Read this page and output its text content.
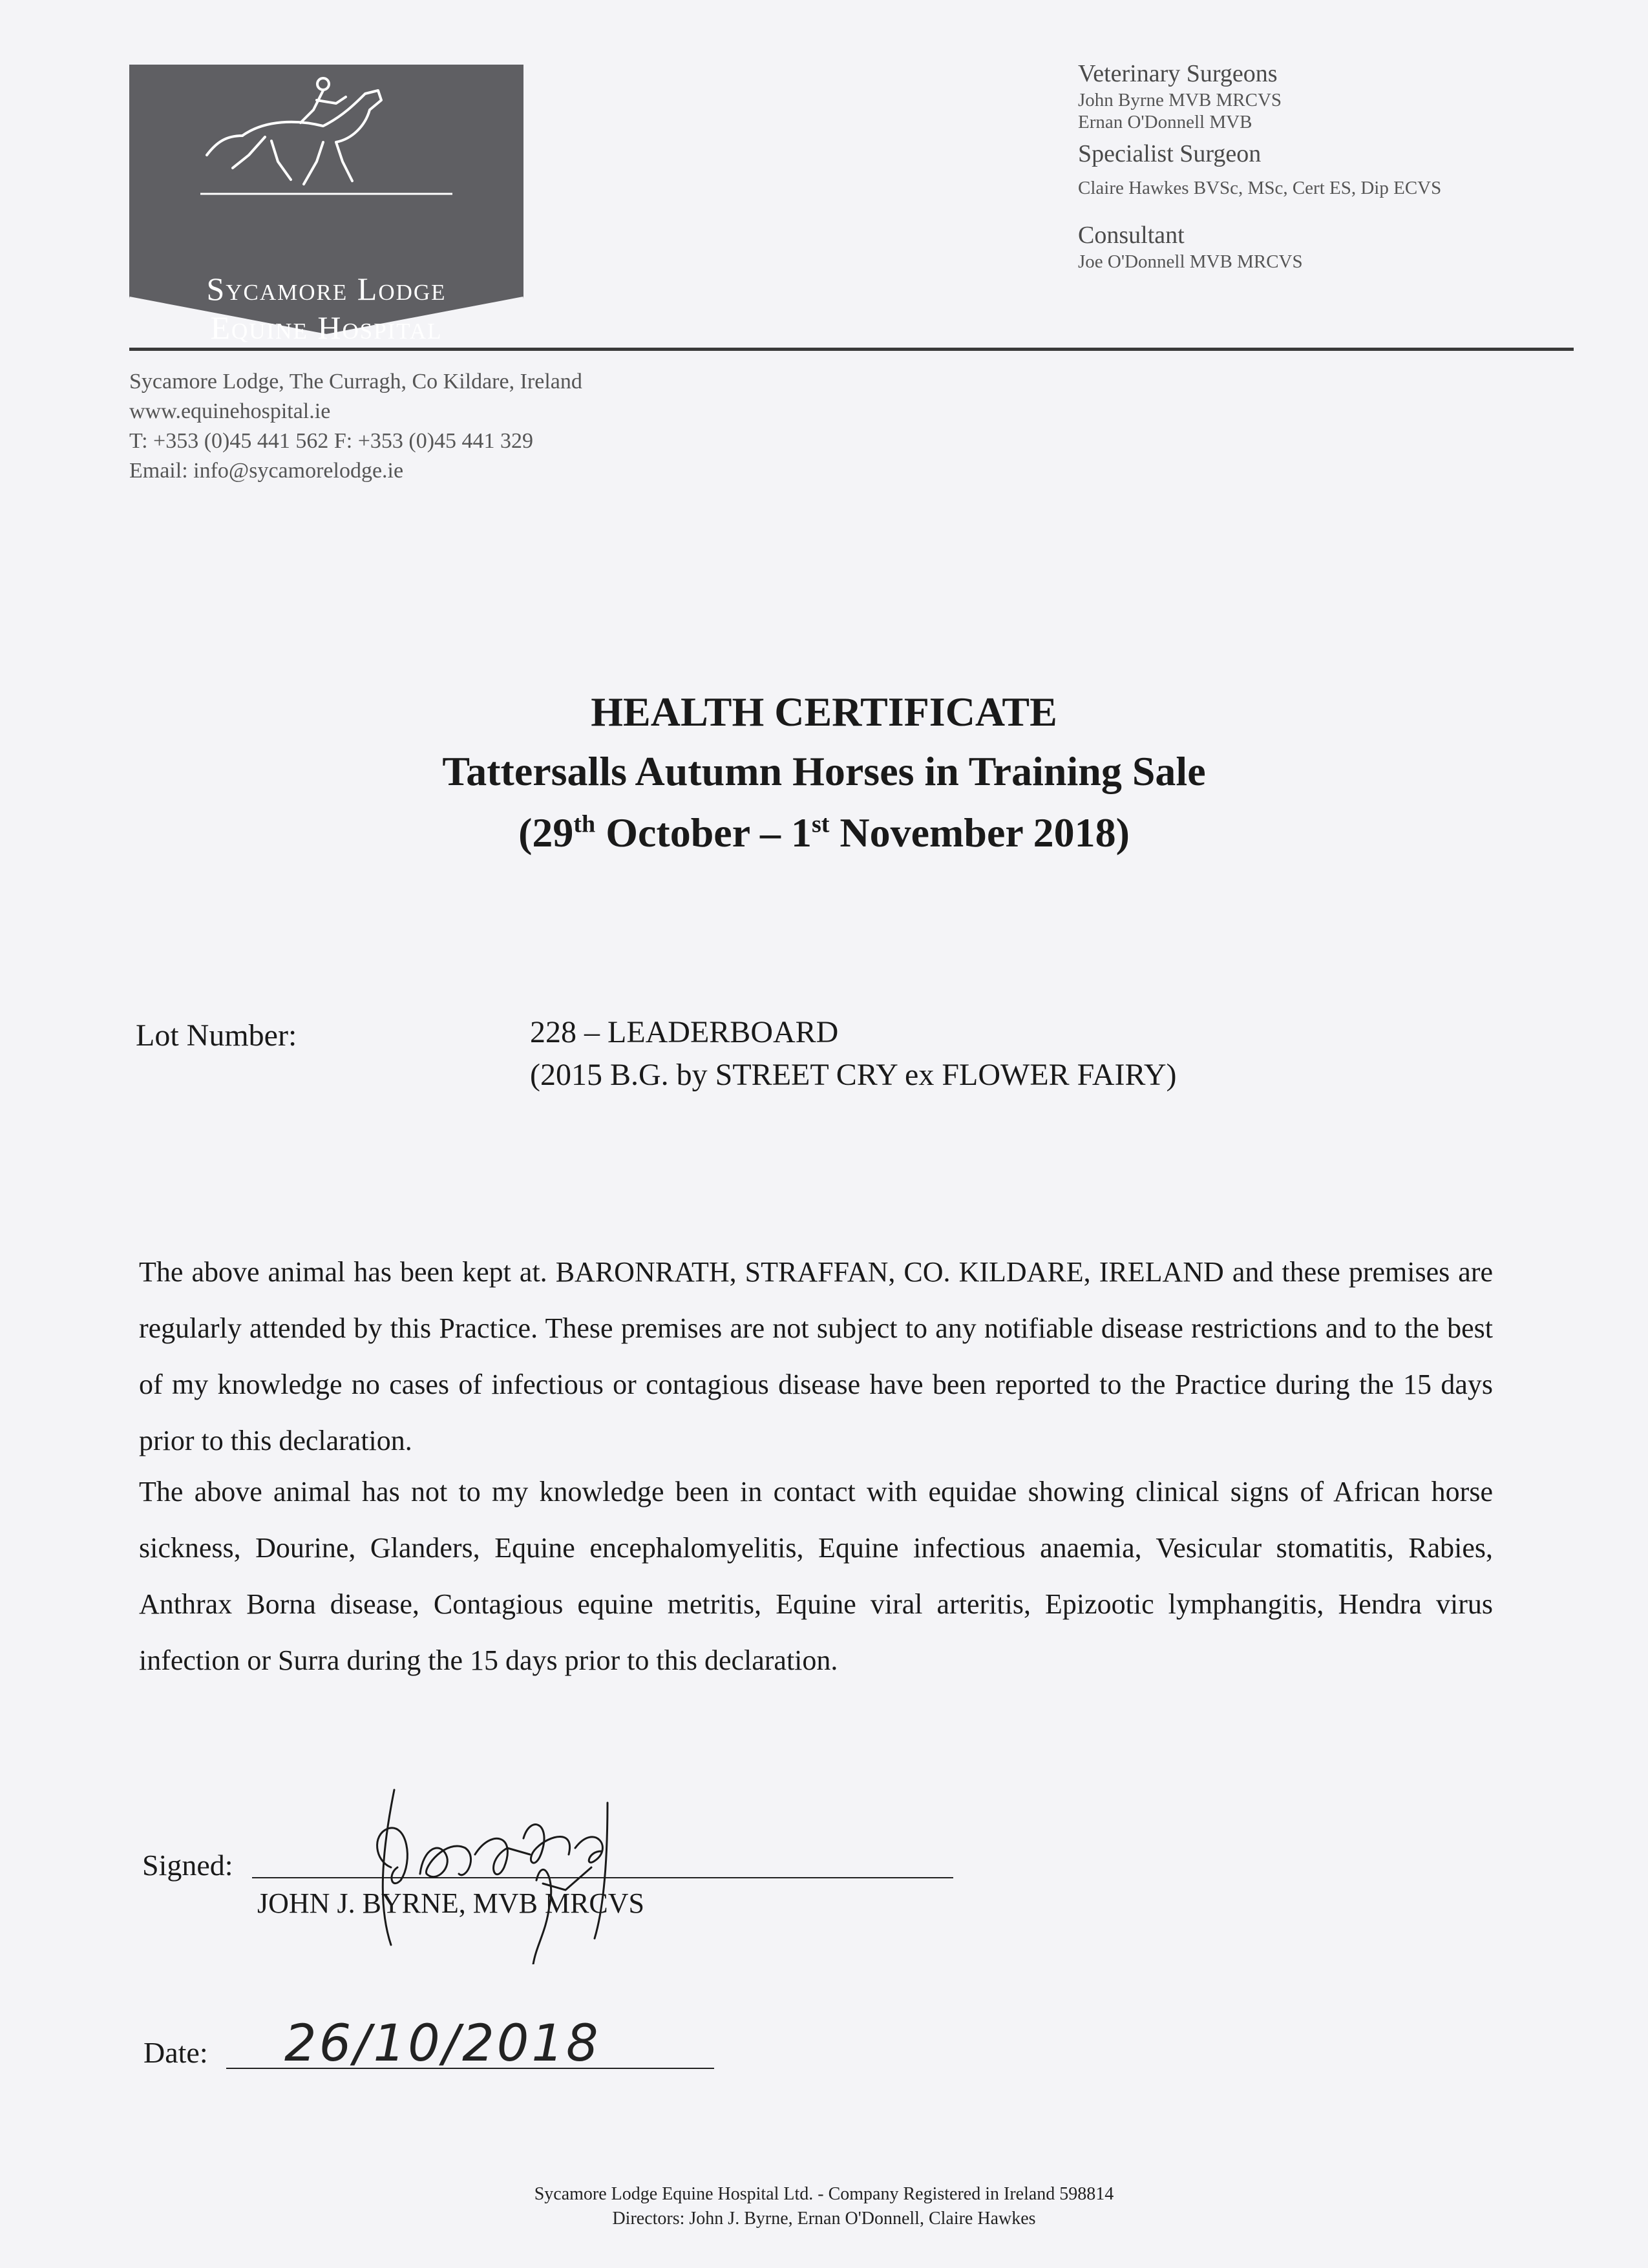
Sycamore Lodge
Equine Hospital
Veterinary Surgeons
John Byrne MVB MRCVS
Ernan O'Donnell MVB
Specialist Surgeon
Claire Hawkes BVSc, MSc, Cert ES, Dip ECVS
Consultant
Joe O'Donnell MVB MRCVS
Sycamore Lodge, The Curragh, Co Kildare, Ireland
www.equinehospital.ie
T: +353 (0)45 441 562 F: +353 (0)45 441 329
Email: info@sycamorelodge.ie
HEALTH CERTIFICATE
Tattersalls Autumn Horses in Training Sale
(29th October – 1st November 2018)
Lot Number:	228 – LEADERBOARD
(2015 B.G. by STREET CRY ex FLOWER FAIRY)
The above animal has been kept at. BARONRATH, STRAFFAN, CO. KILDARE, IRELAND and these premises are regularly attended by this Practice. These premises are not subject to any notifiable disease restrictions and to the best of my knowledge no cases of infectious or contagious disease have been reported to the Practice during the 15 days prior to this declaration.
The above animal has not to my knowledge been in contact with equidae showing clinical signs of African horse sickness, Dourine, Glanders, Equine encephalomyelitis, Equine infectious anaemia, Vesicular stomatitis, Rabies, Anthrax Borna disease, Contagious equine metritis, Equine viral arteritis, Epizootic lymphangitis, Hendra virus infection or Surra during the 15 days prior to this declaration.
Signed:
JOHN J. BYRNE, MVB MRCVS
Date: 26/10/2018
Sycamore Lodge Equine Hospital Ltd. - Company Registered in Ireland 598814
Directors: John J. Byrne, Ernan O'Donnell, Claire Hawkes
